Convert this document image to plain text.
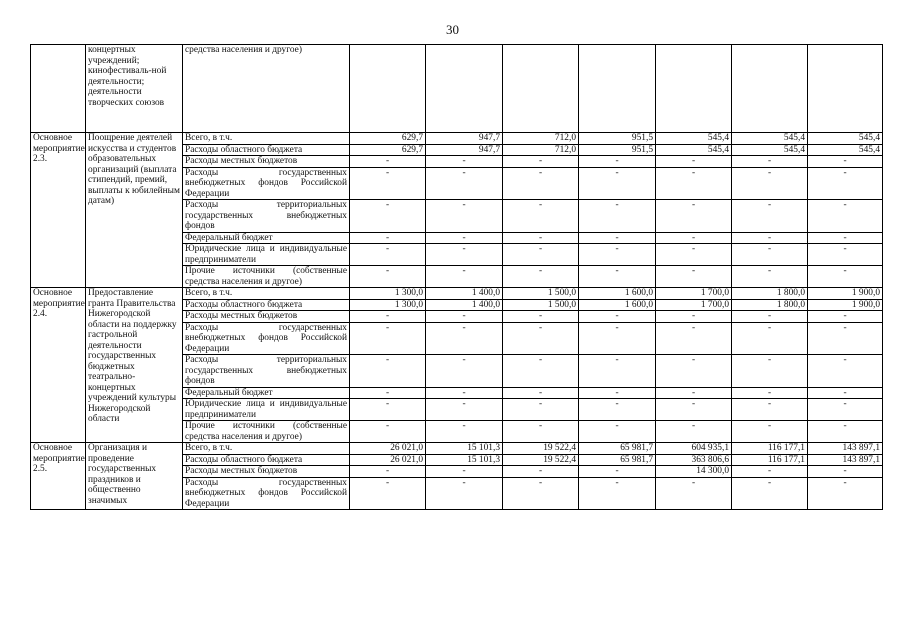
30
	концертных учреждений; кинофестиваль-ной деятельности; деятельности творческих союзов	средства населения и другое)							
Основное мероприятие 2.3.	Поощрение деятелей искусства и студентов образовательных организаций (выплата стипендий, премий, выплаты к юбилейным датам)	Всего, в т.ч.	629,7	947,7	712,0	951,5	545,4	545,4	545,4
		Расходы областного бюджета	629,7	947,7	712,0	951,5	545,4	545,4	545,4
		Расходы местных бюджетов	-	-	-	-	-	-	-
		Расходы государственных внебюджетных фондов Российской Федерации	-	-	-	-	-	-	-
		Расходы территориальных государственных внебюджетных фондов	-	-	-	-	-	-	-
		Федеральный бюджет	-	-	-	-	-	-	-
		Юридические лица и индивидуальные предприниматели	-	-	-	-	-	-	-
		Прочие источники (собственные средства населения и другое)	-	-	-	-	-	-	-
Основное мероприятие 2.4.	Предоставление гранта Правительства Нижегородской области на поддержку гастрольной деятельности государственных бюджетных театрально-концертных учреждений культуры Нижегородской области	Всего, в т.ч.	1 300,0	1 400,0	1 500,0	1 600,0	1 700,0	1 800,0	1 900,0
		Расходы областного бюджета	1 300,0	1 400,0	1 500,0	1 600,0	1 700,0	1 800,0	1 900,0
		Расходы местных бюджетов	-	-	-	-	-	-	-
		Расходы государственных внебюджетных фондов Российской Федерации	-	-	-	-	-	-	-
		Расходы территориальных государственных внебюджетных фондов	-	-	-	-	-	-	-
		Федеральный бюджет	-	-	-	-	-	-	-
		Юридические лица и индивидуальные предприниматели	-	-	-	-	-	-	-
		Прочие источники (собственные средства населения и другое)	-	-	-	-	-	-	-
Основное мероприятие 2.5.	Организация и проведение государственных праздников и общественно значимых	Всего, в т.ч.	26 021,0	15 101,3	19 522,4	65 981,7	604 935,1	116 177,1	143 897,1
		Расходы областного бюджета	26 021,0	15 101,3	19 522,4	65 981,7	363 806,6	116 177,1	143 897,1
		Расходы местных бюджетов	-	-	-	-	14 300,0	-	-
		Расходы государственных внебюджетных фондов Российской Федерации	-	-	-	-	-	-	-
